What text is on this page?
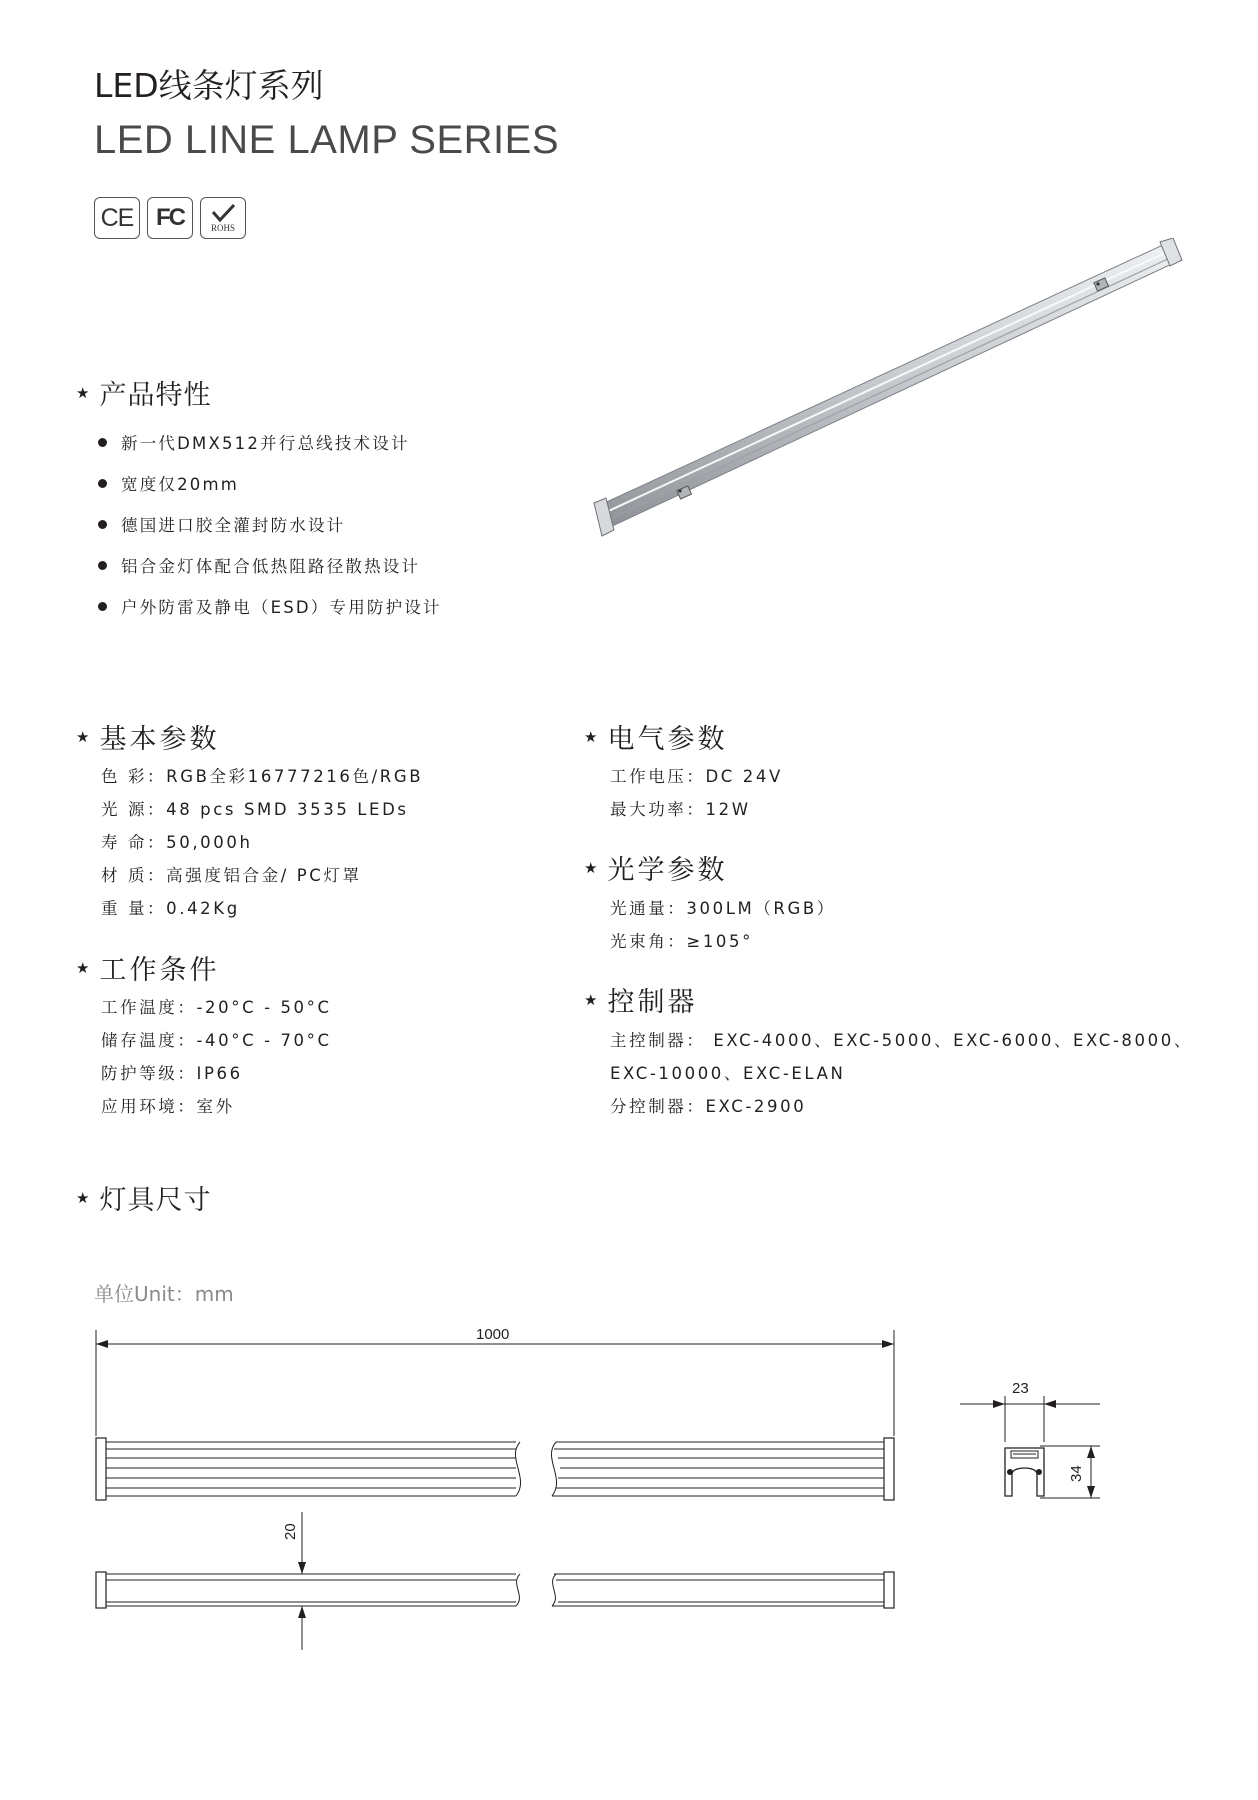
LED线条灯系列
LED LINE LAMP SERIES
CE FC	ROHS
★ 产品特性
新一代DMX512并行总线技术设计
宽度仅20mm
德国进口胶全灌封防水设计
铝合金灯体配合低热阻路径散热设计
户外防雷及静电（ESD）专用防护设计
★ 基本参数
色 彩：RGB全彩16777216色/RGB
光 源：48 pcs SMD 3535 LEDs
寿 命：50,000h
材 质：高强度铝合金/ PC灯罩
重 量：0.42Kg
★ 工作条件
工作温度：-20°C - 50°C
储存温度：-40°C - 70°C
防护等级：IP66
应用环境：室外
★ 电气参数
工作电压：DC 24V
最大功率：12W
★ 光学参数
光通量：300LM（RGB）
光束角：≥105°
★ 控制器
主控制器： EXC-4000、EXC-5000、EXC-6000、EXC-8000、
EXC-10000、EXC-ELAN
分控制器：EXC-2900
★ 灯具尺寸
单位Unit：mm
1000
20
23
34
